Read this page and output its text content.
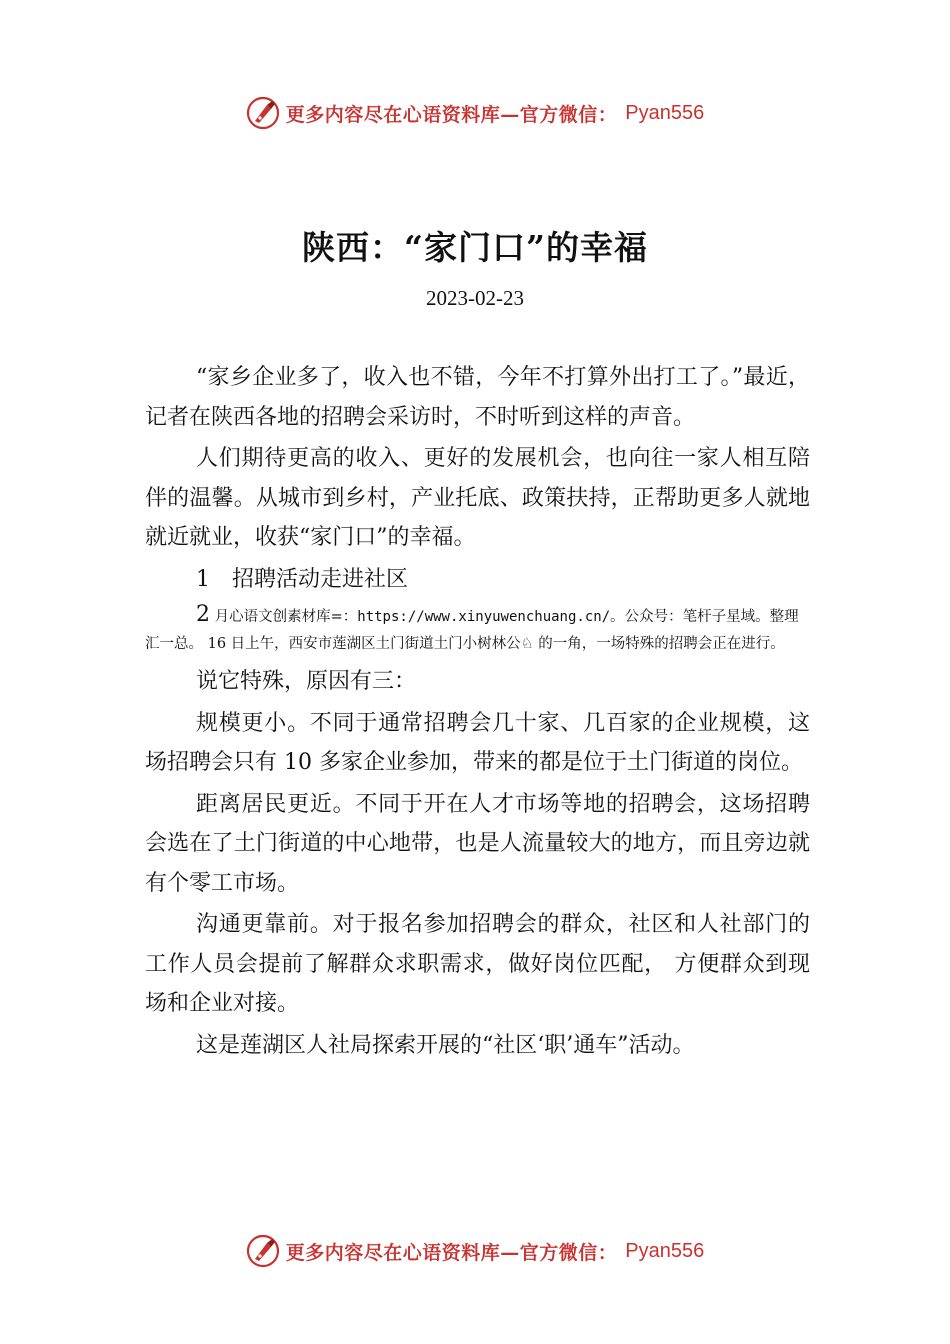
更多内容尽在心语资料库—官方微信： Pyan556
陕西：“家门口”的幸福
2023-02-23

“家乡企业多了，收入也不错，今年不打算外出打工了。”最近，记者在陕西各地的招聘会采访时，不时听到这样的声音。

人们期待更高的收入、更好的发展机会，也向往一家人相互陪伴的温馨。从城市到乡村，产业托底、政策扶持，正帮助更多人就地就近就业，收获“家门口”的幸福。

1　招聘活动走进社区

2 月心语文创素材库=：https://www.xinyuwenchuang.cn/。公众号：笔杆子星域。整理汇一总。 16 日上午，西安市莲湖区土门街道土门小树林公♘ 的一角，一场特殊的招聘会正在进行。

说它特殊，原因有三：

规模更小。不同于通常招聘会几十家、几百家的企业规模，这场招聘会只有 10 多家企业参加，带来的都是位于土门街道的岗位。

距离居民更近。不同于开在人才市场等地的招聘会，这场招聘会选在了土门街道的中心地带，也是人流量较大的地方，而且旁边就有个零工市场。

沟通更靠前。对于报名参加招聘会的群众，社区和人社部门的工作人员会提前了解群众求职需求，做好岗位匹配， 方便群众到现场和企业对接。

这是莲湖区人社局探索开展的“社区‘职’通车”活动。

更多内容尽在心语资料库—官方微信： Pyan556
